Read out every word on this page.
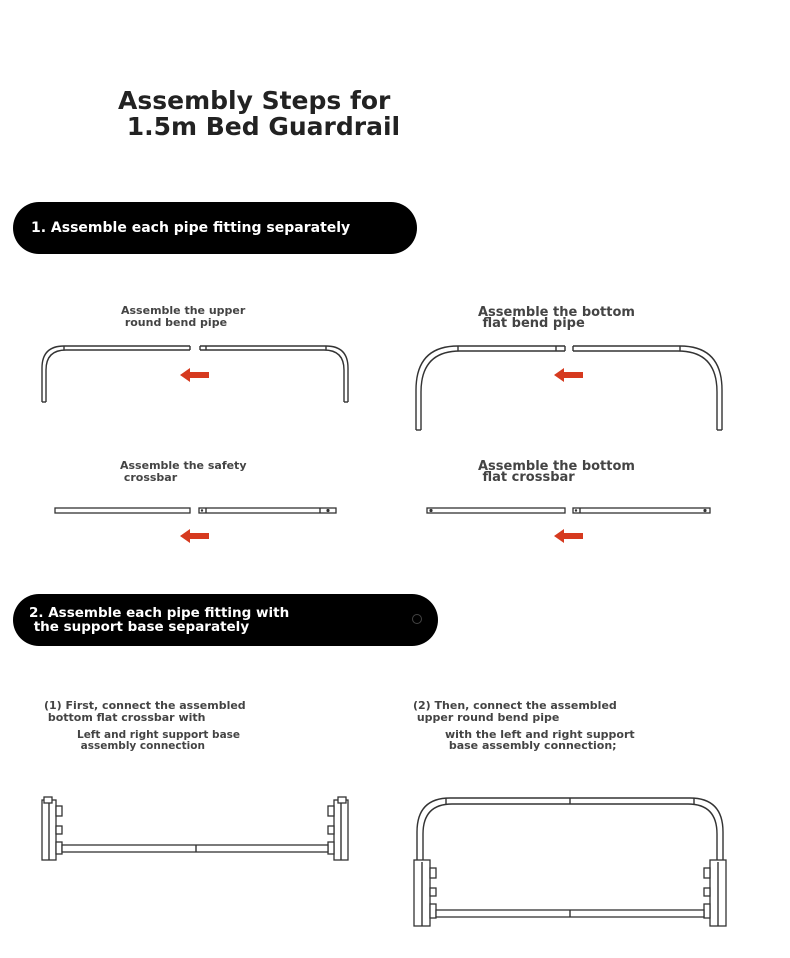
Assembly Steps for
1.5m Bed Guardrail
1. Assemble each pipe fitting separately

Assemble the upper
round bend pipe

Assemble the bottom
flat bend pipe

Assemble the safety
crossbar

Assemble the bottom
flat crossbar

2. Assemble each pipe fitting with
the support base separately

(1) First, connect the assembled
bottom flat crossbar with

Left and right support base
assembly connection

(2) Then, connect the assembled
upper round bend pipe

with the left and right support
base assembly connection;
